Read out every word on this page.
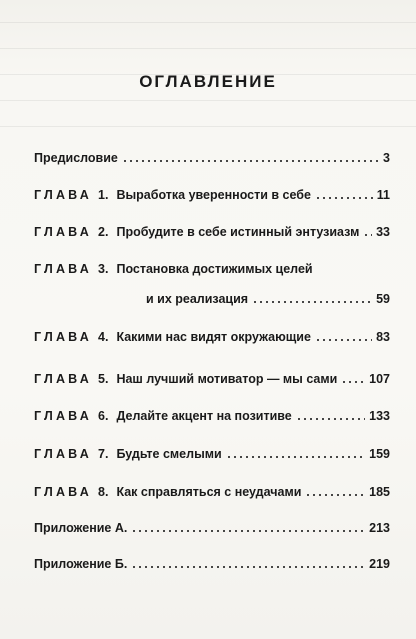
ОГЛАВЛЕНИЕ
Предисловие	3
ГЛАВА 1. Выработка уверенности в себе	11
ГЛАВА 2. Пробудите в себе истинный энтузиазм 33
ГЛАВА 3. Постановка достижимых целей
и их реализация	59
ГЛАВА 4. Какими нас видят окружающие	83
ГЛАВА 5. Наш лучший мотиватор — мы сами	107
ГЛАВА 6. Делайте акцент на позитиве	133
ГЛАВА 7. Будьте смелыми	159
ГЛАВА 8. Как справляться с неудачами	185
Приложение А.	213
Приложение Б.	219
